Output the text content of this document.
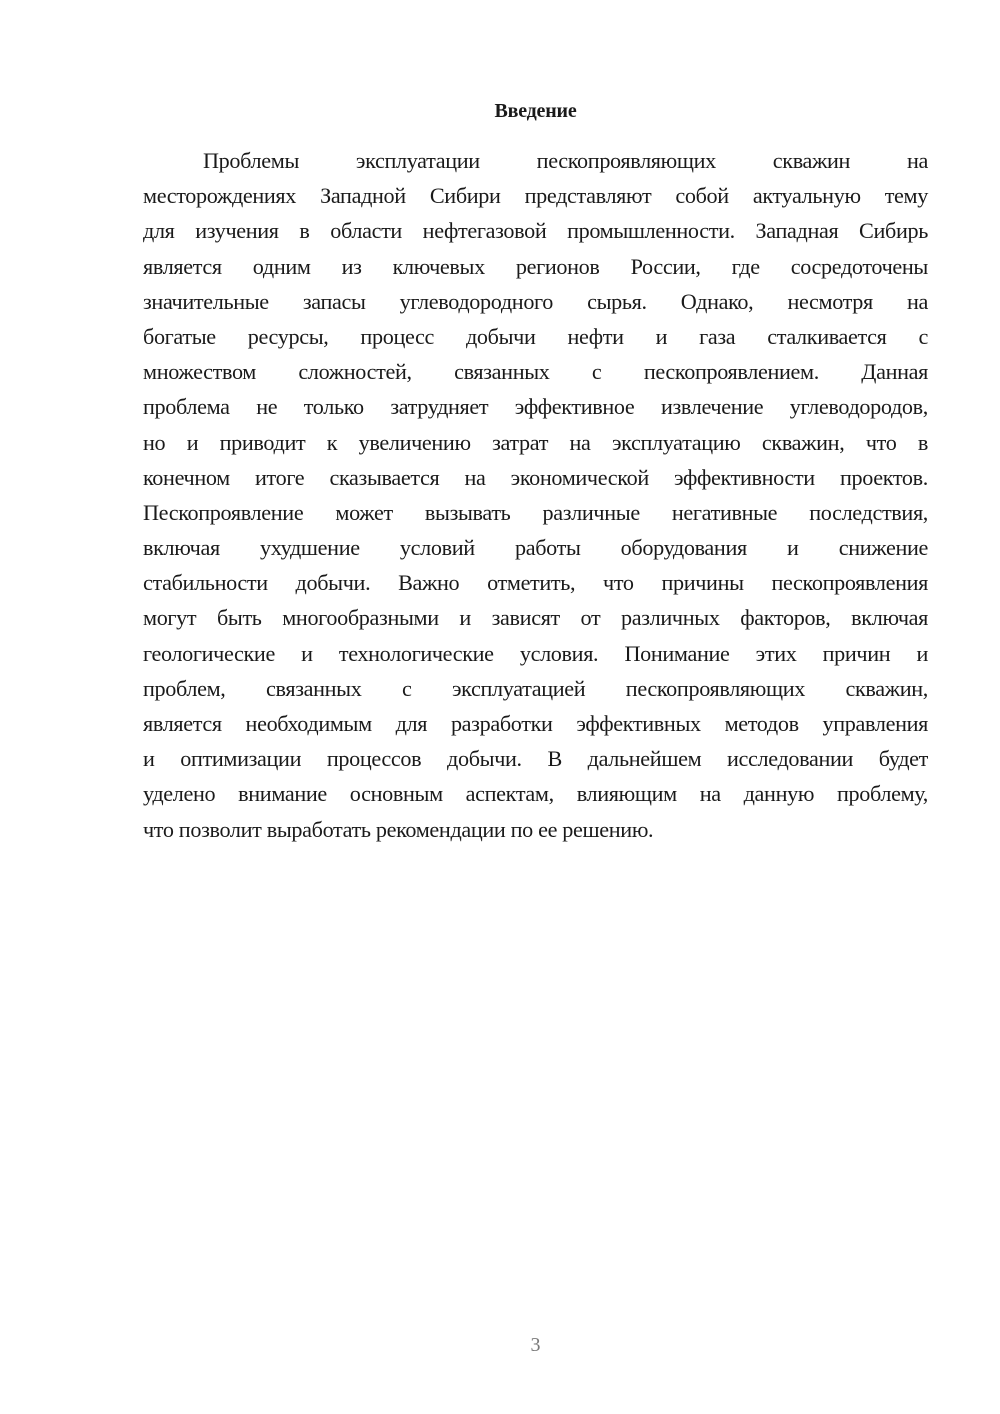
Введение
Проблемы эксплуатации пескопроявляющих скважин на
месторождениях Западной Сибири представляют собой актуальную тему
для изучения в области нефтегазовой промышленности. Западная Сибирь
является одним из ключевых регионов России, где сосредоточены
значительные запасы углеводородного сырья. Однако, несмотря на
богатые ресурсы, процесс добычи нефти и газа сталкивается с
множеством сложностей, связанных с пескопроявлением. Данная
проблема не только затрудняет эффективное извлечение углеводородов,
но и приводит к увеличению затрат на эксплуатацию скважин, что в
конечном итоге сказывается на экономической эффективности проектов.
Пескопроявление может вызывать различные негативные последствия,
включая ухудшение условий работы оборудования и снижение
стабильности добычи. Важно отметить, что причины пескопроявления
могут быть многообразными и зависят от различных факторов, включая
геологические и технологические условия. Понимание этих причин и
проблем, связанных с эксплуатацией пескопроявляющих скважин,
является необходимым для разработки эффективных методов управления
и оптимизации процессов добычи. В дальнейшем исследовании будет
уделено внимание основным аспектам, влияющим на данную проблему,
что позволит выработать рекомендации по ее решению.
3
